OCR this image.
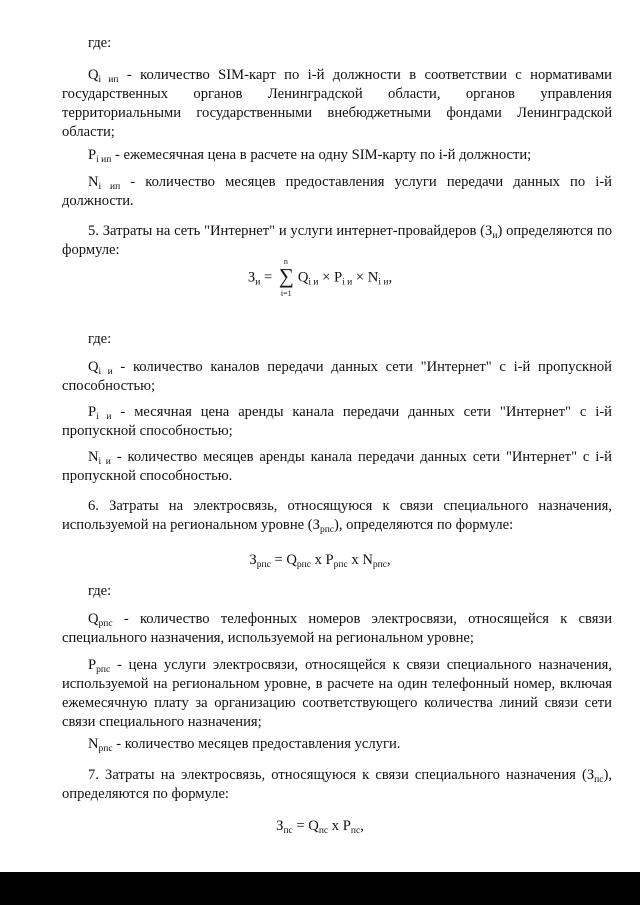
где:
$Q_{i ип}$ - количество SIM-карт по i-й должности в соответствии с нормативами государственных органов Ленинградской области, органов управления территориальными государственными внебюджетными фондами Ленинградской области;
$P_{i ип}$ - ежемесячная цена в расчете на одну SIM-карту по i-й должности;
$N_{i ип}$ - количество месяцев предоставления услуги передачи данных по i-й должности.
5. Затраты на сеть "Интернет" и услуги интернет-провайдеров $(З_и)$ определяются по формуле:
$З_и$ =
n
∑
i=1
$Q_{i и} \times P_{i и} \times N_{i и}$,
где:
$Q_{i и}$ - количество каналов передачи данных сети "Интернет" с i-й пропускной способностью;
$P_{i и}$ - месячная цена аренды канала передачи данных сети "Интернет" с i-й пропускной способностью;
$N_{i и}$ - количество месяцев аренды канала передачи данных сети "Интернет" с i-й пропускной способностью.
6. Затраты на электросвязь, относящуюся к связи специального назначения, используемой на региональном уровне $(З_{рпс})$, определяются по формуле:
$З_{рпс} = Q_{рпс}$ x $P_{рпс}$ x $N_{рпс}$,
где:
$Q_{рпс}$ - количество телефонных номеров электросвязи, относящейся к связи специального назначения, используемой на региональном уровне;
$P_{рпс}$ - цена услуги электросвязи, относящейся к связи специального назначения, используемой на региональном уровне, в расчете на один телефонный номер, включая ежемесячную плату за организацию соответствующего количества линий связи сети связи специального назначения;
$N_{рпс}$ - количество месяцев предоставления услуги.
7. Затраты на электросвязь, относящуюся к связи специального назначения $(З_{пс})$, определяются по формуле:
$З_{пс} = Q_{пс}$ x $P_{пс}$,
